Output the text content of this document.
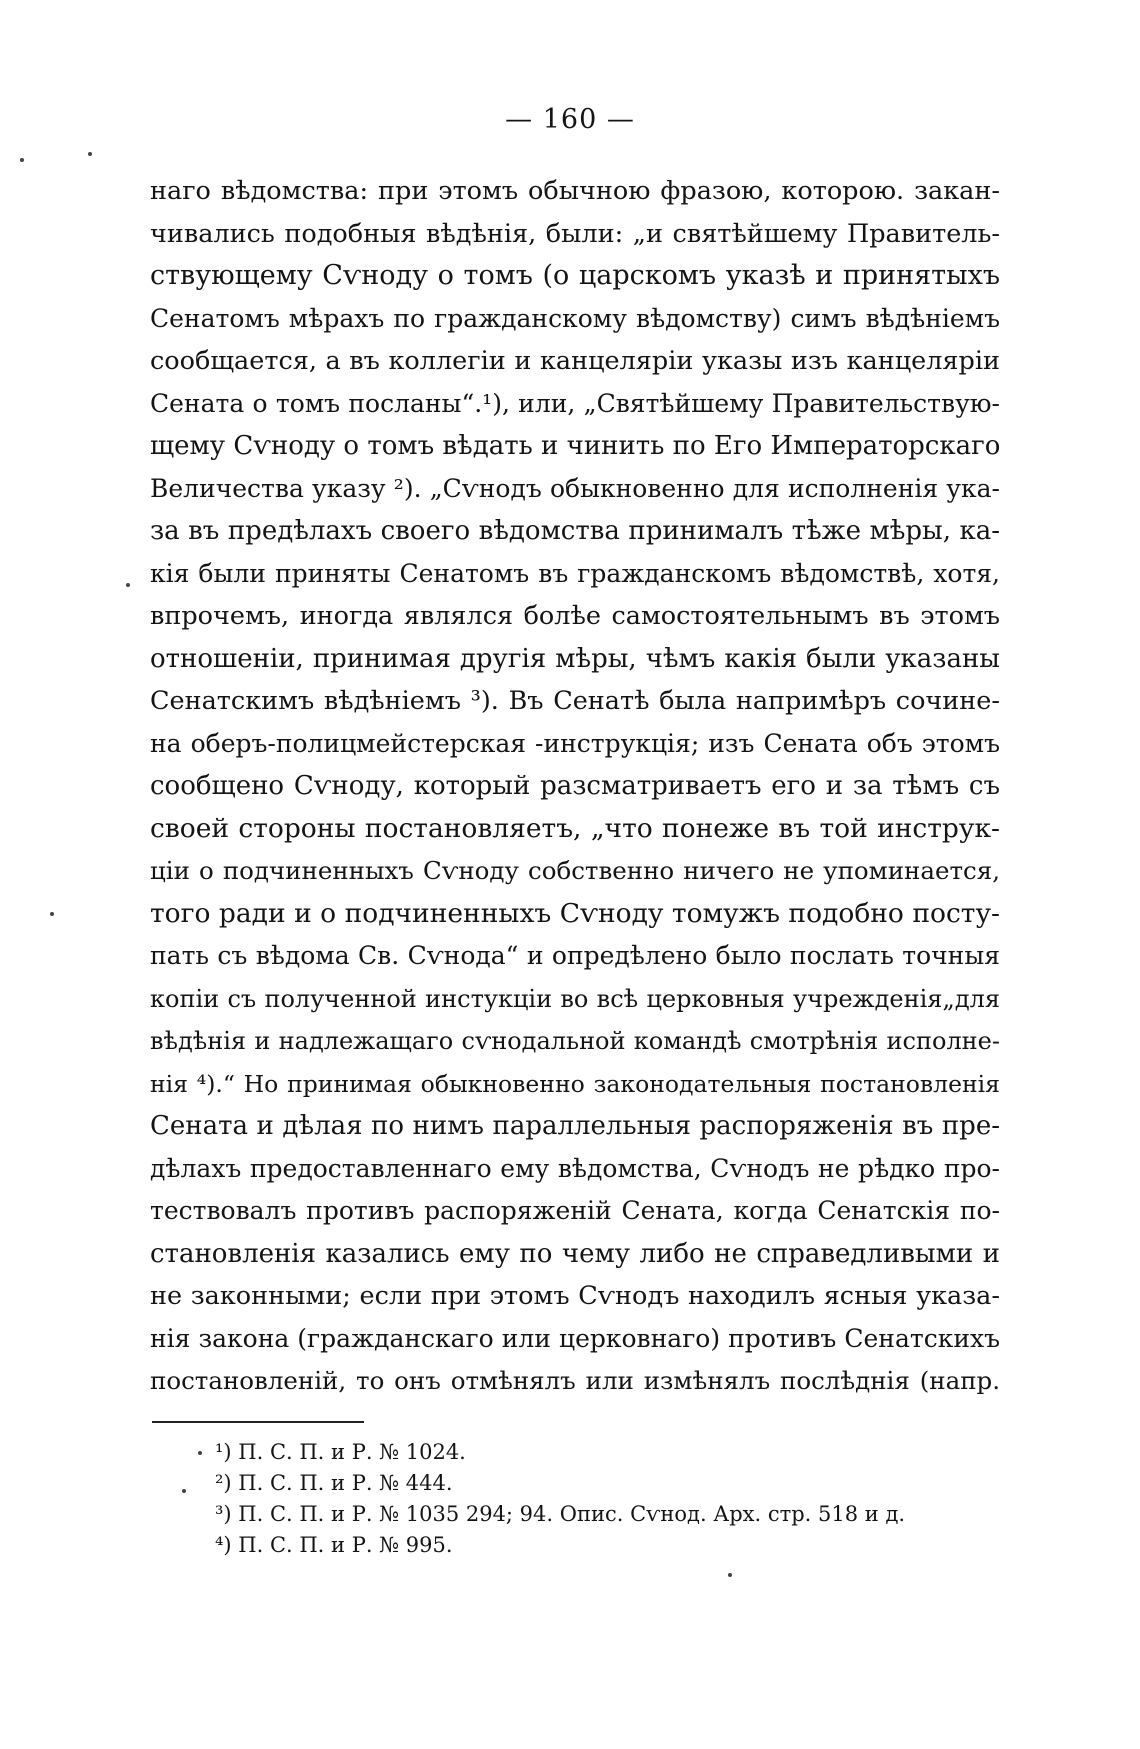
— 160 —
наго вѣдомства: при этомъ обычною фразою, которою. закан-
чивались подобныя вѣдѣнія, были: „и святѣйшему Правитель-
ствующему Сѵноду о томъ (о царскомъ указѣ и принятыхъ
Сенатомъ мѣрахъ по гражданскому вѣдомству) симъ вѣдѣніемъ
сообщается, а въ коллегіи и канцеляріи указы изъ канцеляріи
Сената о томъ посланы“.¹), или, „Святѣйшему Правительствую-
щему Сѵноду о томъ вѣдать и чинить по Его Императорскаго
Величества указу ²). „Сѵнодъ обыкновенно для исполненія ука-
за въ предѣлахъ своего вѣдомства принималъ тѣже мѣры, ка-
кія были приняты Сенатомъ въ гражданскомъ вѣдомствѣ, хотя,
впрочемъ, иногда являлся болѣе самостоятельнымъ въ этомъ
отношеніи, принимая другія мѣры, чѣмъ какія были указаны
Сенатскимъ вѣдѣніемъ ³). Въ Сенатѣ была напримѣръ сочине-
на оберъ-полицмейстерская -инструкція; изъ Сената объ этомъ
сообщено Сѵноду, который разсматриваетъ его и за тѣмъ съ
своей стороны постановляетъ, „что понеже въ той инструк-
ціи о подчиненныхъ Сѵноду собственно ничего не упоминается,
того ради и о подчиненныхъ Сѵноду томужъ подобно посту-
пать съ вѣдома Св. Сѵнода“ и опредѣлено было послать точныя
копіи съ полученной инстукціи во всѣ церковныя учрежденія„для
вѣдѣнія и надлежащаго сѵнодальной командѣ смотрѣнія исполне-
нія ⁴).“ Но принимая обыкновенно законодательныя постановленія
Сената и дѣлая по нимъ параллельныя распоряженія въ пре-
дѣлахъ предоставленнаго ему вѣдомства, Сѵнодъ не рѣдко про-
тествовалъ противъ распоряженій Сената, когда Сенатскія по-
становленія казались ему по чему либо не справедливыми и
не законными; если при этомъ Сѵнодъ находилъ ясныя указа-
нія закона (гражданскаго или церковнаго) противъ Сенатскихъ
постановленій, то онъ отмѣнялъ или измѣнялъ послѣднія (напр.
¹) П. С. П. и Р. № 1024.
²) П. С. П. и Р. № 444.
³) П. С. П. и Р. № 1035 294; 94. Опис. Сѵнод. Арх. стр. 518 и д.
⁴) П. С. П. и Р. № 995.
